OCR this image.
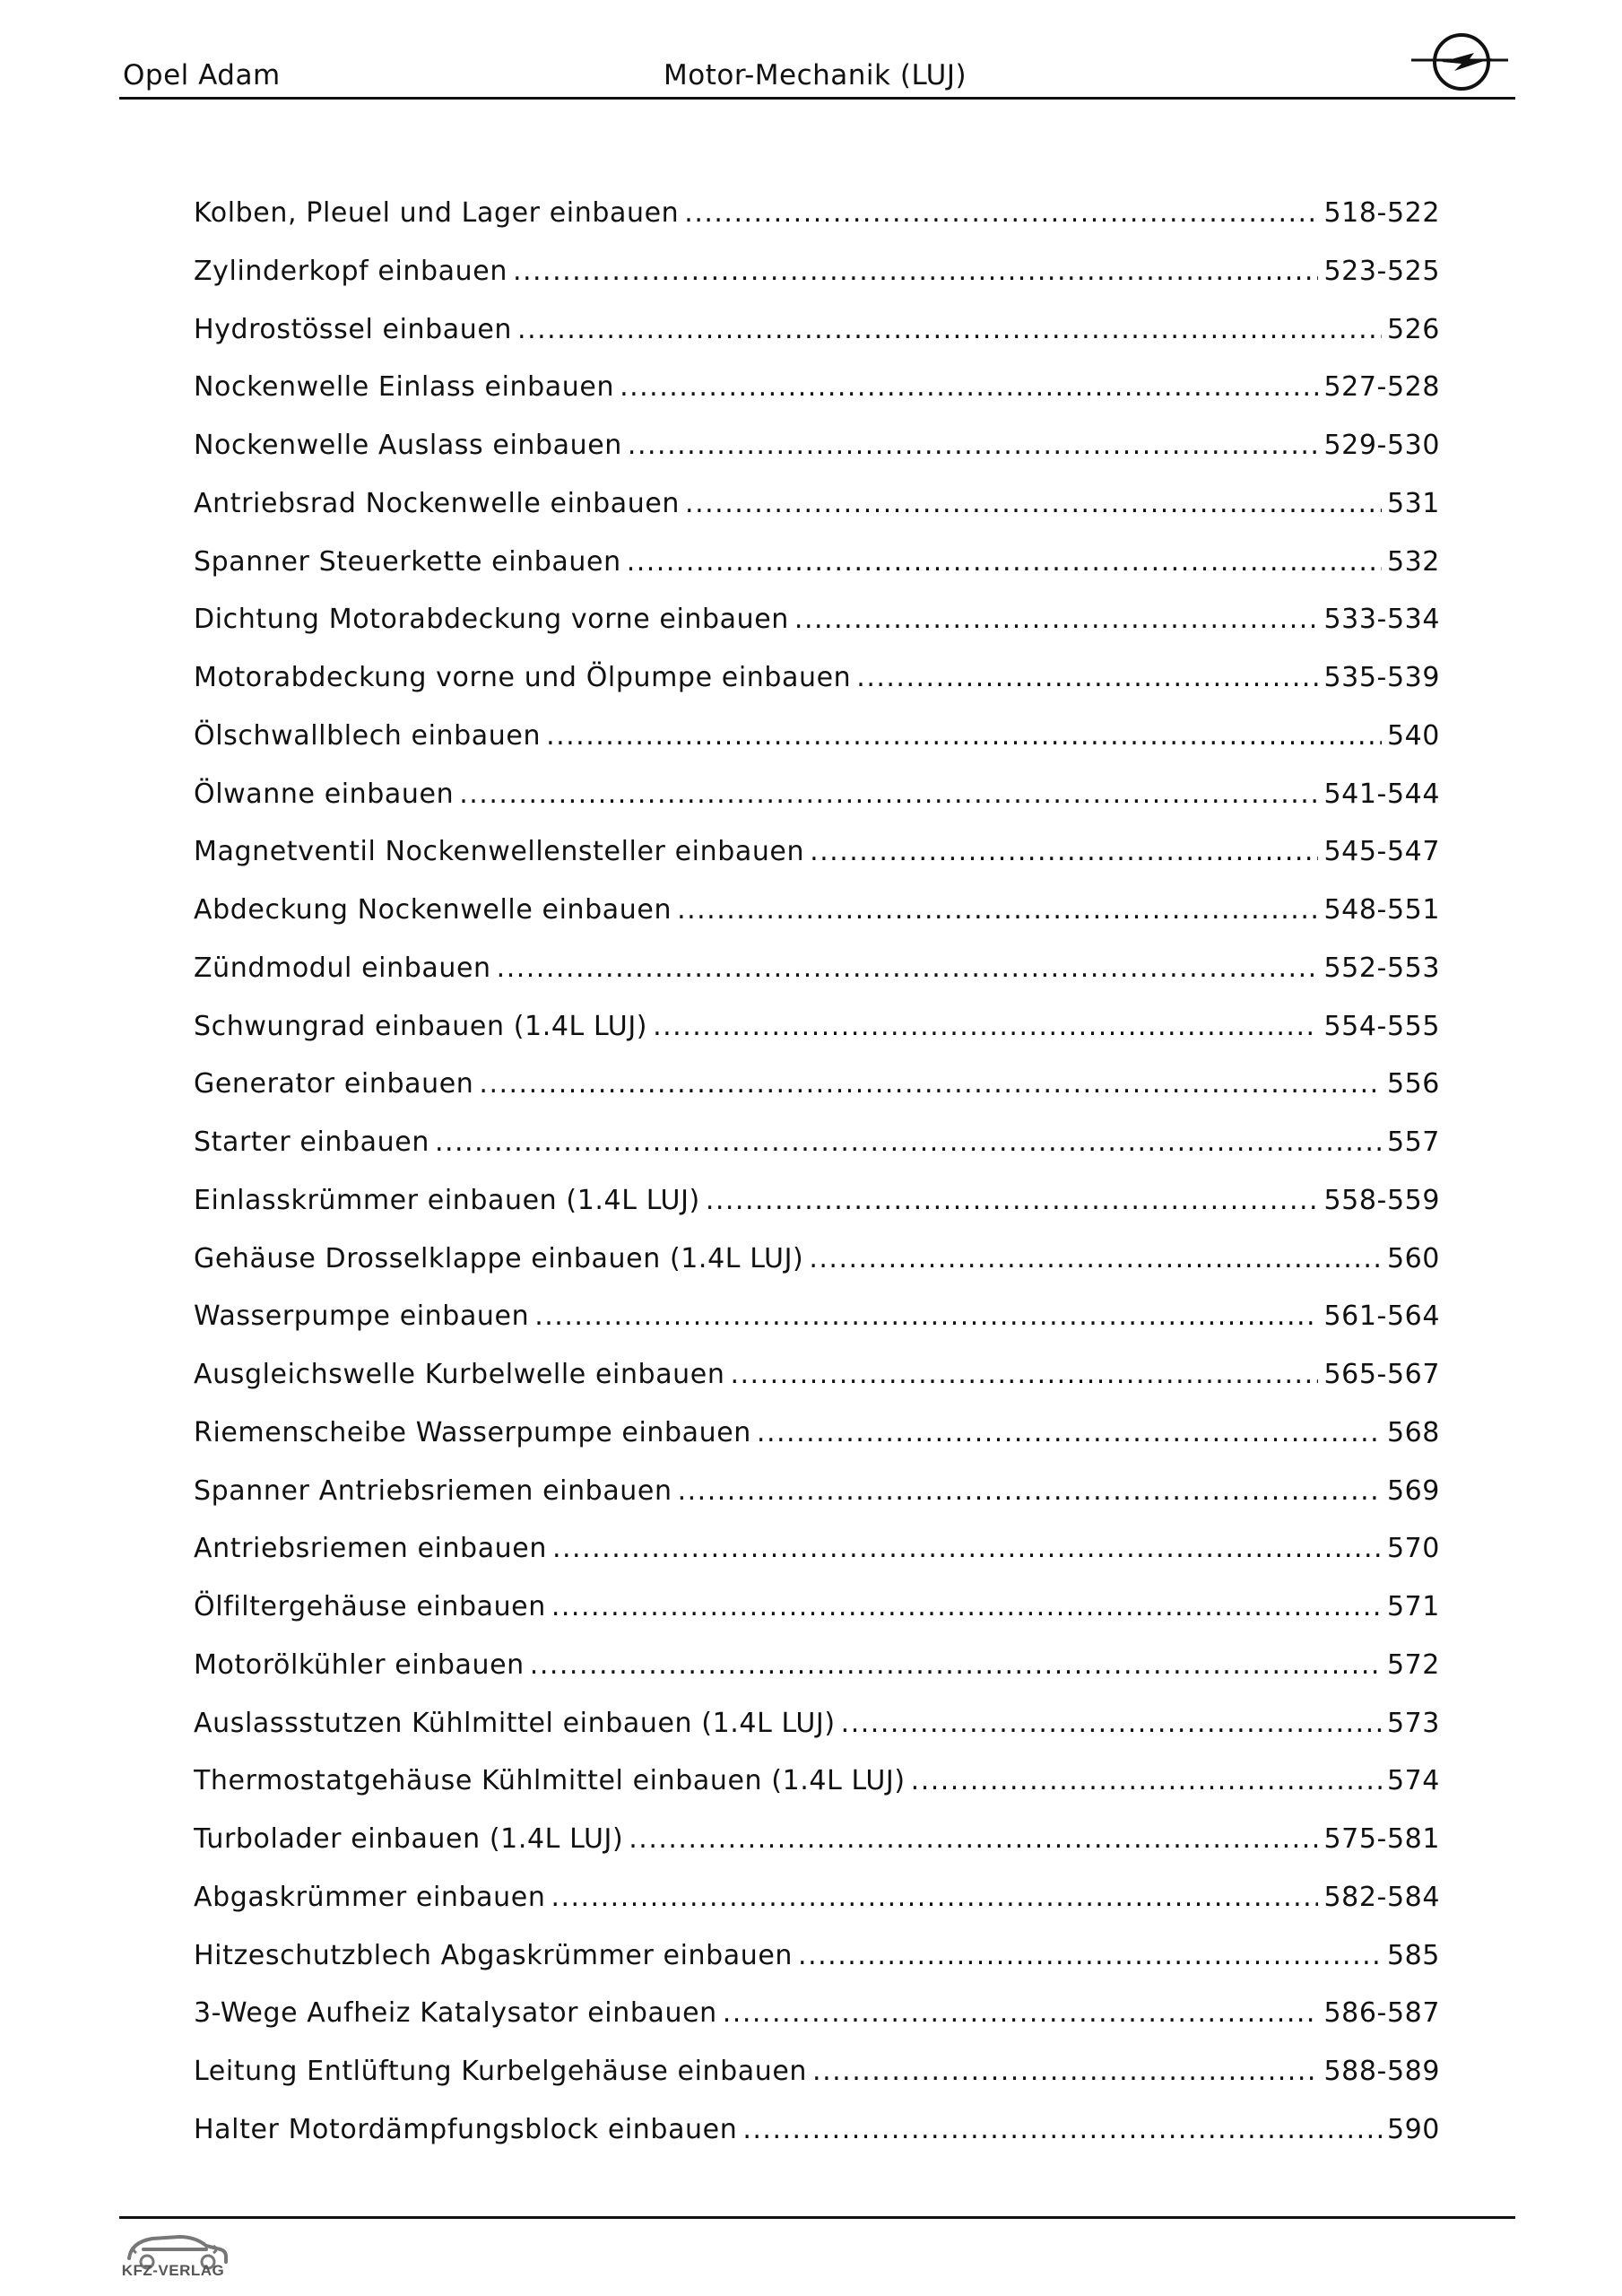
Opel Adam	Motor-Mechanik (LUJ)
Kolben, Pleuel und Lager einbauen .....	518-522
Zylinderkopf einbauen .....	523-525
Hydrostössel einbauen .....	526
Nockenwelle Einlass einbauen .....	527-528
Nockenwelle Auslass einbauen .....	529-530
Antriebsrad Nockenwelle einbauen .....	531
Spanner Steuerkette einbauen .....	532
Dichtung Motorabdeckung vorne einbauen .....	533-534
Motorabdeckung vorne und Ölpumpe einbauen .....	535-539
Ölschwallblech einbauen .....	540
Ölwanne einbauen .....	541-544
Magnetventil Nockenwellensteller einbauen .....	545-547
Abdeckung Nockenwelle einbauen .....	548-551
Zündmodul einbauen .....	552-553
Schwungrad einbauen (1.4L LUJ) .....	554-555
Generator einbauen .....	556
Starter einbauen .....	557
Einlasskrümmer einbauen (1.4L LUJ) .....	558-559
Gehäuse Drosselklappe einbauen (1.4L LUJ) .....	560
Wasserpumpe einbauen .....	561-564
Ausgleichswelle Kurbelwelle einbauen .....	565-567
Riemenscheibe Wasserpumpe einbauen .....	568
Spanner Antriebsriemen einbauen .....	569
Antriebsriemen einbauen .....	570
Ölfiltergehäuse einbauen .....	571
Motorölkühler einbauen .....	572
Auslassstutzen Kühlmittel einbauen (1.4L LUJ) .....	573
Thermostatgehäuse Kühlmittel einbauen (1.4L LUJ) .....	574
Turbolader einbauen (1.4L LUJ) .....	575-581
Abgaskrümmer einbauen .....	582-584
Hitzeschutzblech Abgaskrümmer einbauen .....	585
3-Wege Aufheiz Katalysator einbauen .....	586-587
Leitung Entlüftung Kurbelgehäuse einbauen .....	588-589
Halter Motordämpfungsblock einbauen .....	590
KFZ-VERLAG
